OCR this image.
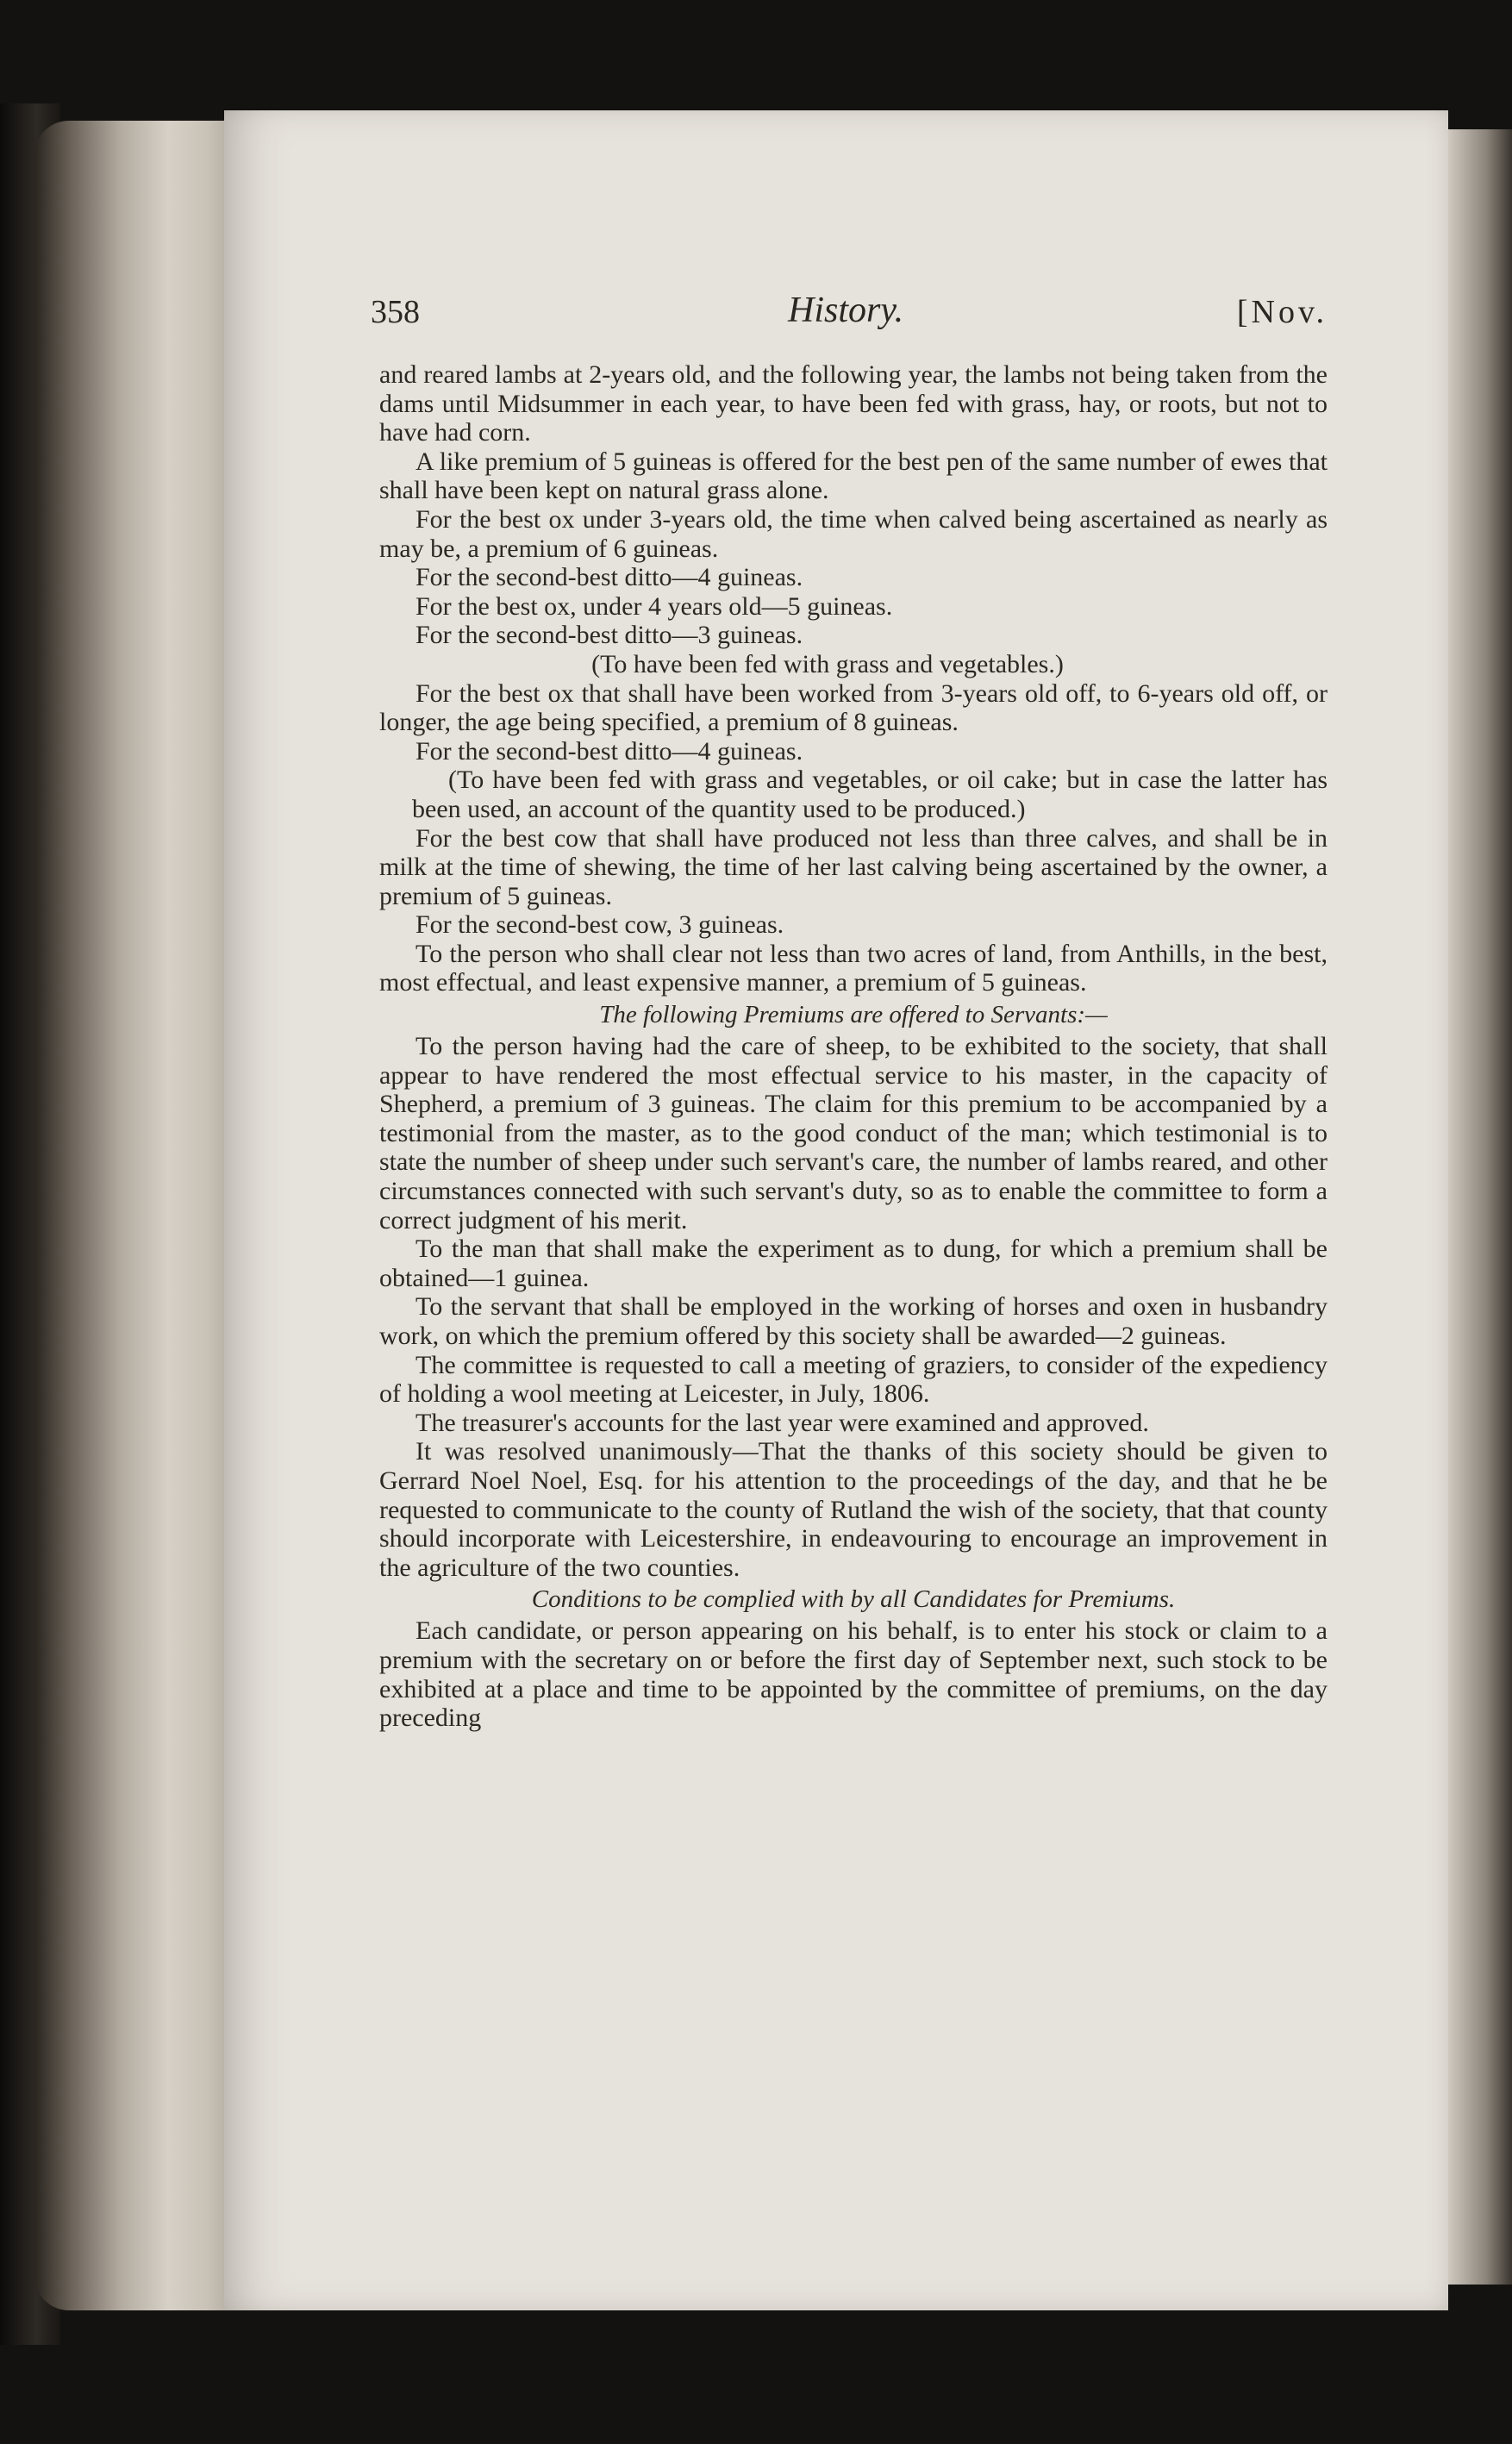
358	History.	[Nov.

and reared lambs at 2-years old, and the following year, the lambs not being taken from the dams until Midsummer in each year, to have been fed with grass, hay, or roots, but not to have had corn.

A like premium of 5 guineas is offered for the best pen of the same number of ewes that shall have been kept on natural grass alone.

For the best ox under 3-years old, the time when calved being ascertained as nearly as may be, a premium of 6 guineas.

For the second-best ditto—4 guineas.

For the best ox, under 4 years old—5 guineas.

For the second-best ditto—3 guineas.

(To have been fed with grass and vegetables.)

For the best ox that shall have been worked from 3-years old off, to 6-years old off, or longer, the age being specified, a premium of 8 guineas.

For the second-best ditto—4 guineas.

(To have been fed with grass and vegetables, or oil cake; but in case the latter has been used, an account of the quantity used to be produced.)

For the best cow that shall have produced not less than three calves, and shall be in milk at the time of shewing, the time of her last calving being ascertained by the owner, a premium of 5 guineas.

For the second-best cow, 3 guineas.

To the person who shall clear not less than two acres of land, from Anthills, in the best, most effectual, and least expensive manner, a premium of 5 guineas.

The following Premiums are offered to Servants:—

To the person having had the care of sheep, to be exhibited to the society, that shall appear to have rendered the most effectual service to his master, in the capacity of Shepherd, a premium of 3 guineas. The claim for this premium to be accompanied by a testimonial from the master, as to the good conduct of the man; which testimonial is to state the number of sheep under such servant's care, the number of lambs reared, and other circumstances connected with such servant's duty, so as to enable the committee to form a correct judgment of his merit.

To the man that shall make the experiment as to dung, for which a premium shall be obtained—1 guinea.

To the servant that shall be employed in the working of horses and oxen in husbandry work, on which the premium offered by this society shall be awarded—2 guineas.

The committee is requested to call a meeting of graziers, to consider of the expediency of holding a wool meeting at Leicester, in July, 1806.

The treasurer's accounts for the last year were examined and approved.

It was resolved unanimously—That the thanks of this society should be given to Gerrard Noel Noel, Esq. for his attention to the proceedings of the day, and that he be requested to communicate to the county of Rutland the wish of the society, that that county should incorporate with Leicestershire, in endeavouring to encourage an improvement in the agriculture of the two counties.

Conditions to be complied with by all Candidates for Premiums.

Each candidate, or person appearing on his behalf, is to enter his stock or claim to a premium with the secretary on or before the first day of September next, such stock to be exhibited at a place and time to be appointed by the committee of premiums, on the day preceding
